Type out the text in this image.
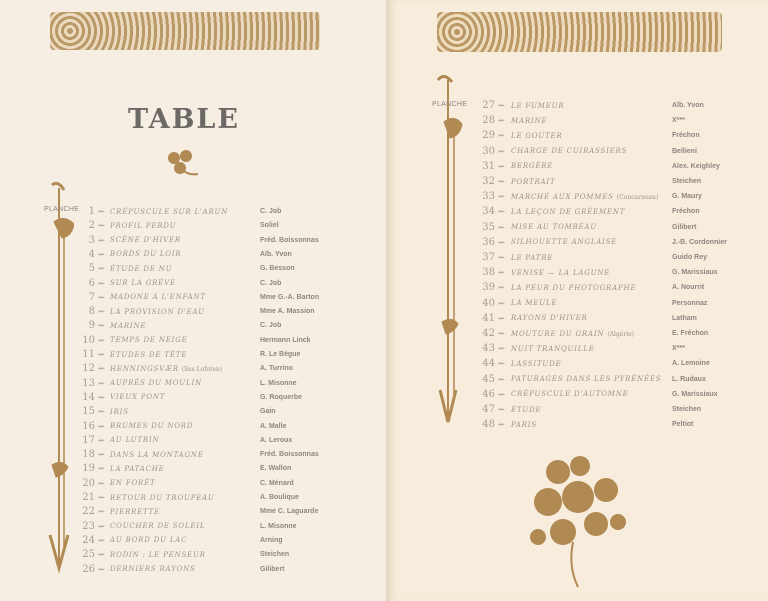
TABLE
PLANCHE 1 ⇜ CRÉPUSCULE SUR L'ARUN	C. Job
2 ⇜ PROFIL PERDU	Soliel
3 ⇜ SCÈNE D'HIVER	Fréd. Boissonnas
4 ⇜ BORDS DU LOIR	Alb. Yvon
5 ⇜ ÉTUDE DE NU	G. Besson
6 ⇜ SUR LA GRÈVE	C. Job
7 ⇜ MADONE A L'ENFANT	Mme G.-A. Barton
8 ⇜ LA PROVISION D'EAU	Mme A. Massion
9 ⇜ MARINE	C. Job
10 ⇜ TEMPS DE NEIGE	Hermann Linck
11 ⇜ ÉTUDES DE TÊTE	R. Le Bègue
12 ⇜ HENNINGSVÆR (îles Lofoten)	A. Turrino
13 ⇜ AUPRÈS DU MOULIN	L. Misonne
14 ⇜ VIEUX PONT	G. Roquerbe
15 ⇜ IRIS	Gain
16 ⇜ BRUMES DU NORD	A. Malle
17 ⇜ AU LUTRIN	A. Leroux
18 ⇜ DANS LA MONTAGNE	Fréd. Boissonnas
19 ⇜ LA PATACHE	E. Wallon
20 ⇜ EN FORÊT	C. Ménard
21 ⇜ RETOUR DU TROUPEAU	A. Boulique
22 ⇜ PIERRETTE	Mme C. Laguarde
23 ⇜ COUCHER DE SOLEIL	L. Misonne
24 ⇜ AU BORD DU LAC	Arning
25 ⇜ RODIN : LE PENSEUR	Steichen
26 ⇜ DERNIERS RAYONS	Gilibert
PLANCHE	27 ⇜ LE FUMEUR	Alb. Yvon
28 ⇜ MARINE	X***
29 ⇜ LE GOUTER	Fréchon
30 ⇜ CHARGE DE CUIRASSIERS	Bellieni
31 ⇜ BERGÈRE	Alex. Keighley
32 ⇜ PORTRAIT	Steichen
33 ⇜ MARCHÉ AUX POMMES (Concarneau) G. Maury
34 ⇜ LA LEÇON DE GRÉEMENT	Fréchon
35 ⇜ MISE AU TOMBEAU	Gilibert
36 ⇜ SILHOUETTE ANGLAISE	J.-B. Cordonnier
37 ⇜ LE PATRE	Guido Rey
38 ⇜ VENISE — LA LAGUNE	G. Marissiaux
39 ⇜ LA PEUR DU PHOTOGRAPHE	A. Nourrit
40 ⇜ LA MEULE	Personnaz
41 ⇜ RAYONS D'HIVER	Latham
42 ⇜ MOUTURE DU GRAIN (Algérie)	E. Fréchon
43 ⇜ NUIT TRANQUILLE	X***
44 ⇜ LASSITUDE	A. Lemoine
45 ⇜ PATURAGES DANS LES PYRÉNÉES L. Rudaux
46 ⇜ CRÉPUSCULE D'AUTOMNE	G. Marissiaux
47 ⇜ ÉTUDE	Steichen
48 ⇜ PARIS	Peltiot
